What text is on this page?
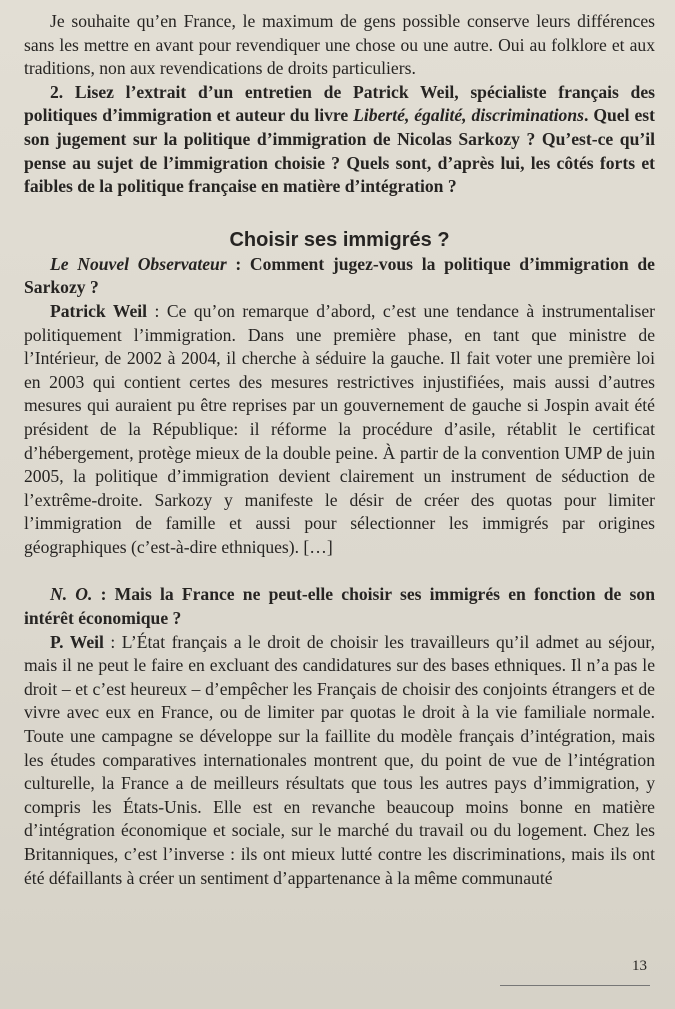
Je souhaite qu’en France, le maximum de gens possible conserve leurs différences sans les mettre en avant pour revendiquer une chose ou une autre. Oui au folklore et aux traditions, non aux revendications de droits particuliers.

2. Lisez l’extrait d’un entretien de Patrick Weil, spécialiste français des politiques d’immigration et auteur du livre Liberté, égalité, discriminations. Quel est son jugement sur la politique d’immigration de Nicolas Sarkozy ? Qu’est-ce qu’il pense au sujet de l’immigration choisie ? Quels sont, d’après lui, les côtés forts et faibles de la politique française en matière d’intégration ?

Choisir ses immigrés ?

Le Nouvel Observateur : Comment jugez-vous la politique d’immigration de Sarkozy ?

Patrick Weil : Ce qu’on remarque d’abord, c’est une tendance à instrumentaliser politiquement l’immigration. Dans une première phase, en tant que ministre de l’Intérieur, de 2002 à 2004, il cherche à séduire la gauche. Il fait voter une première loi en 2003 qui contient certes des mesures restrictives injustifiées, mais aussi d’autres mesures qui auraient pu être reprises par un gouvernement de gauche si Jospin avait été président de la République: il réforme la procédure d’asile, rétablit le certificat d’hébergement, protège mieux de la double peine. À partir de la convention UMP de juin 2005, la politique d’immigration devient clairement un instrument de séduction de l’extrême-droite. Sarkozy y manifeste le désir de créer des quotas pour limiter l’immigration de famille et aussi pour sélectionner les immigrés par origines géographiques (c’est-à-dire ethniques). […]

N. O. : Mais la France ne peut-elle choisir ses immigrés en fonction de son intérêt économique ?

P. Weil : L’État français a le droit de choisir les travailleurs qu’il admet au séjour, mais il ne peut le faire en excluant des candidatures sur des bases ethniques. Il n’a pas le droit – et c’est heureux – d’empêcher les Français de choisir des conjoints étrangers et de vivre avec eux en France, ou de limiter par quotas le droit à la vie familiale normale. Toute une campagne se développe sur la faillite du modèle français d’intégration, mais les études comparatives internationales montrent que, du point de vue de l’intégration culturelle, la France a de meilleurs résultats que tous les autres pays d’immigration, y compris les États-Unis. Elle est en revanche beaucoup moins bonne en matière d’intégration économique et sociale, sur le marché du travail ou du logement. Chez les Britanniques, c’est l’inverse : ils ont mieux lutté contre les discriminations, mais ils ont été défaillants à créer un sentiment d’appartenance à la même communauté

13
